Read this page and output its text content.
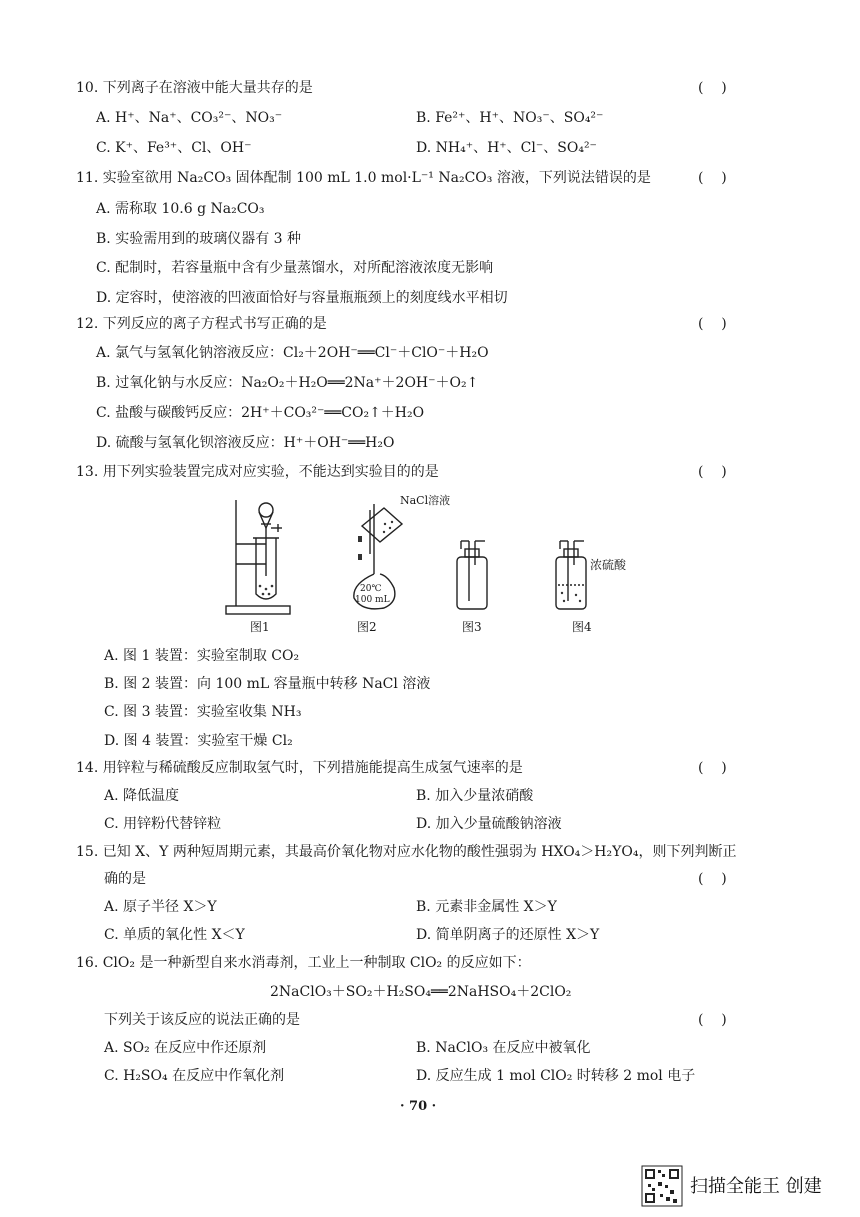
10. 下列离子在溶液中能大量共存的是	(    )
A. H⁺、Na⁺、CO₃²⁻、NO₃⁻	B. Fe²⁺、H⁺、NO₃⁻、SO₄²⁻
C. K⁺、Fe³⁺、Cl、OH⁻	D. NH₄⁺、H⁺、Cl⁻、SO₄²⁻
11. 实验室欲用 Na₂CO₃ 固体配制 100 mL 1.0 mol·L⁻¹ Na₂CO₃ 溶液，下列说法错误的是	(    )
A. 需称取 10.6 g Na₂CO₃
B. 实验需用到的玻璃仪器有 3 种
C. 配制时，若容量瓶中含有少量蒸馏水，对所配溶液浓度无影响
D. 定容时，使溶液的凹液面恰好与容量瓶瓶颈上的刻度线水平相切
12. 下列反应的离子方程式书写正确的是	(    )
A. 氯气与氢氧化钠溶液反应：Cl₂＋2OH⁻══Cl⁻＋ClO⁻＋H₂O
B. 过氧化钠与水反应：Na₂O₂＋H₂O══2Na⁺＋2OH⁻＋O₂↑
C. 盐酸与碳酸钙反应：2H⁺＋CO₃²⁻══CO₂↑＋H₂O
D. 硫酸与氢氧化钡溶液反应：H⁺＋OH⁻══H₂O
13. 用下列实验装置完成对应实验，不能达到实验目的的是	(    )
图1
NaCl溶液
20℃
100 mL
图2	图3
浓硫酸
图4
A. 图 1 装置：实验室制取 CO₂
B. 图 2 装置：向 100 mL 容量瓶中转移 NaCl 溶液
C. 图 3 装置：实验室收集 NH₃
D. 图 4 装置：实验室干燥 Cl₂
14. 用锌粒与稀硫酸反应制取氢气时，下列措施能提高生成氢气速率的是	(    )
A. 降低温度	B. 加入少量浓硝酸
C. 用锌粉代替锌粒	D. 加入少量硫酸钠溶液
15. 已知 X、Y 两种短周期元素，其最高价氧化物对应水化物的酸性强弱为 HXO₄＞H₂YO₄，则下列判断正
确的是	(    )
A. 原子半径 X＞Y	B. 元素非金属性 X＞Y
C. 单质的氧化性 X＜Y	D. 简单阴离子的还原性 X＞Y
16. ClO₂ 是一种新型自来水消毒剂，工业上一种制取 ClO₂ 的反应如下：
2NaClO₃＋SO₂＋H₂SO₄══2NaHSO₄＋2ClO₂
下列关于该反应的说法正确的是	(    )
A. SO₂ 在反应中作还原剂	B. NaClO₃ 在反应中被氧化
C. H₂SO₄ 在反应中作氧化剂	D. 反应生成 1 mol ClO₂ 时转移 2 mol 电子
· 70 ·
扫描全能王 创建
